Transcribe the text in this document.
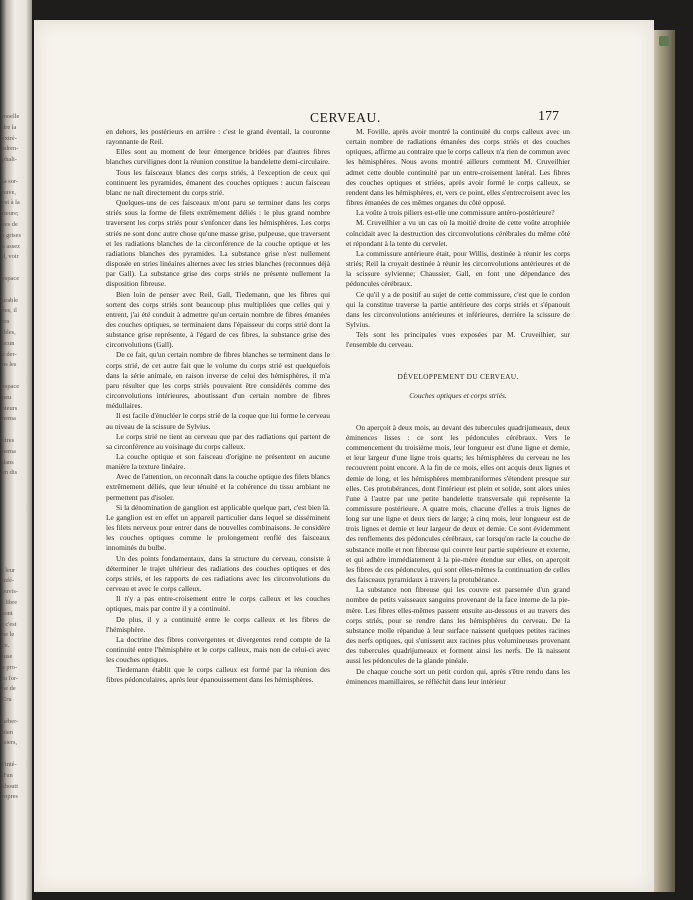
moelle
dre la
extré-
adren-
phali-
la sor-
ouve,
est à la
rieure;
ées de
s grises
a assez
d, voir
espace
urable
ées, il
res
ibles,
ucun
e der-
ns les
espace
peu
ateurs
nema
êtres
nema
dans
en dis
, leur
infé-
ouvis-
t libre
sont
t c'est
ne le
ce.
tuse
a pro-
lu for-
ne de
Cru
néber-
bien
isiers,
l'inté-
d'un
aboutt
ropres
CERVEAU.	177

en dehors, les postérieurs en arrière : c'est le grand éventail, la couronne rayonnante de Reil.

Elles sont au moment de leur émergence bridées par d'autres fibres blanches curvilignes dont la réunion constitue la bandelette demi-circulaire.

Tous les faisceaux blancs des corps striés, à l'exception de ceux qui continuent les pyramides, émanent des couches optiques : aucun faisceau blanc ne naît directement du corps strié.

Quelques-uns de ces faisceaux m'ont paru se terminer dans les corps striés sous la forme de filets extrêmement déliés : le plus grand nombre traversent les corps striés pour s'enfoncer dans les hémisphères. Les corps striés ne sont donc autre chose qu'une masse grise, pulpeuse, que traversent et les radiations blanches de la circonférence de la couche optique et les radiations blanches des pyramides. La substance grise n'est nullement disposée en stries linéaires alternes avec les stries blanches (reconnues déjà par Gall). La substance grise des corps striés ne présente nullement la disposition fibreuse.

Bien loin de penser avec Reil, Gall, Tiedemann, que les fibres qui sortent des corps striés sont beaucoup plus multipliées que celles qui y entrent, j'ai été conduit à admettre qu'un certain nombre de fibres émanées des couches optiques, se terminaient dans l'épaisseur du corps strié dont la substance grise représente, à l'égard de ces fibres, la substance grise des circonvolutions (Gall).

De ce fait, qu'un certain nombre de fibres blanches se terminent dans le corps strié, de cet autre fait que le volume du corps strié est quelquefois dans la série animale, en raison inverse de celui des hémisphères, il m'a paru résulter que les corps striés pouvaient être considérés comme des circonvolutions intérieures, aboutissant d'un certain nombre de fibres médullaires.

Il est facile d'énucléer le corps strié de la coque que lui forme le cerveau au niveau de la scissure de Sylvius.

Le corps strié ne tient au cerveau que par des radiations qui partent de sa circonférence au voisinage du corps calleux.

La couche optique et son faisceau d'origine ne présentent en aucune manière la texture linéaire.

Avec de l'attention, on reconnaît dans la couche optique des filets blancs extrêmement déliés, que leur ténuité et la cohérence du tissu ambiant ne permettent pas d'isoler.

Si la dénomination de ganglion est applicable quelque part, c'est bien là. Le ganglion est en effet un appareil particulier dans lequel se disséminent les filets nerveux pour entrer dans de nouvelles combinaisons. Je considère les couches optiques comme le prolongement renflé des faisceaux innominés du bulbe.

Un des points fondamentaux, dans la structure du cerveau, consiste à déterminer le trajet ultérieur des radiations des couches optiques et des corps striés, et les rapports de ces radiations avec les circonvolutions du cerveau et avec le corps calleux.

Il n'y a pas entre-croisement entre le corps calleux et les couches optiques, mais par contre il y a continuité.

De plus, il y a continuité entre le corps calleux et les fibres de l'hémisphère.

La doctrine des fibres convergentes et divergentes rend compte de la continuité entre l'hémisphère et le corps calleux, mais non de celui-ci avec les couches optiques.

Tiedemann établit que le corps calleux est formé par la réunion des fibres pédonculaires, après leur épanouissement dans les hémisphères.

M. Foville, après avoir montré la continuité du corps calleux avec un certain nombre de radiations émanées des corps striés et des couches optiques, affirme au contraire que le corps calleux n'a rien de commun avec les hémisphères. Nous avons montré ailleurs comment M. Cruveilhier admet cette double continuité par un entre-croisement latéral. Les fibres des couches optiques et striées, après avoir formé le corps calleux, se rendent dans les hémisphères, et, vers ce point, elles s'entrecroisent avec les fibres émanées de ces mêmes organes du côté opposé.

La voûte à trois piliers est-elle une commissure antéro-postérieure?

M. Cruveilhier a vu un cas où la moitié droite de cette voûte atrophiée coïncidait avec la destruction des circonvolutions cérébrales du même côté et répondant à la tente du cervelet.

La commissure antérieure était, pour Willis, destinée à réunir les corps striés; Reil la croyait destinée à réunir les circonvolutions antérieures et de la scissure sylvienne; Chaussier, Gall, en font une dépendance des pédoncules cérébraux.

Ce qu'il y a de positif au sujet de cette commissure, c'est que le cordon qui la constitue traverse la partie antérieure des corps striés et s'épanouit dans les circonvolutions antérieures et inférieures, derrière la scissure de Sylvius.

Tels sont les principales vues exposées par M. Cruveilhier, sur l'ensemble du cerveau.

DÉVELOPPEMENT DU CERVEAU.

Couches optiques et corps striés.

On aperçoit à deux mois, au devant des tubercules quadrijumeaux, deux éminences lisses : ce sont les pédoncules cérébraux. Vers le commencement du troisième mois, leur longueur est d'une ligne et demie, et leur largeur d'une ligne trois quarts; les hémisphères du cerveau ne les recouvrent point encore. A la fin de ce mois, elles ont acquis deux lignes et demie de long, et les hémisphères membraniformes s'étendent presque sur elles. Ces protubérances, dont l'intérieur est plein et solide, sont alors unies l'une à l'autre par une petite bandelette transversale qui représente la commissure postérieure. A quatre mois, chacune d'elles a trois lignes de long sur une ligne et deux tiers de large; à cinq mois, leur longueur est de trois lignes et demie et leur largeur de deux et demie. Ce sont évidemment des renflements des pédoncules cérébraux, car lorsqu'on racle la couche de substance molle et non fibreuse qui couvre leur partie supérieure et externe, et qui adhère immédiatement à la pie-mère étendue sur elles, on aperçoit les fibres de ces pédoncules, qui sont elles-mêmes la continuation de celles des faisceaux pyramidaux à travers la protubérance.

La substance non fibreuse qui les couvre est parsemée d'un grand nombre de petits vaisseaux sanguins provenant de la face interne de la pie-mère. Les fibres elles-mêmes passent ensuite au-dessous et au travers des corps striés, pour se rendre dans les hémisphères du cerveau. De la substance molle répandue à leur surface naissent quelques petites racines des nerfs optiques, qui s'unissent aux racines plus volumineuses provenant des tubercules quadrijumeaux et forment ainsi les nerfs. De là naissent aussi les pédoncules de la glande pinéale.

De chaque couche sort un petit cordon qui, après s'être rendu dans les éminences mamillaires, se réfléchit dans leur intérieur
